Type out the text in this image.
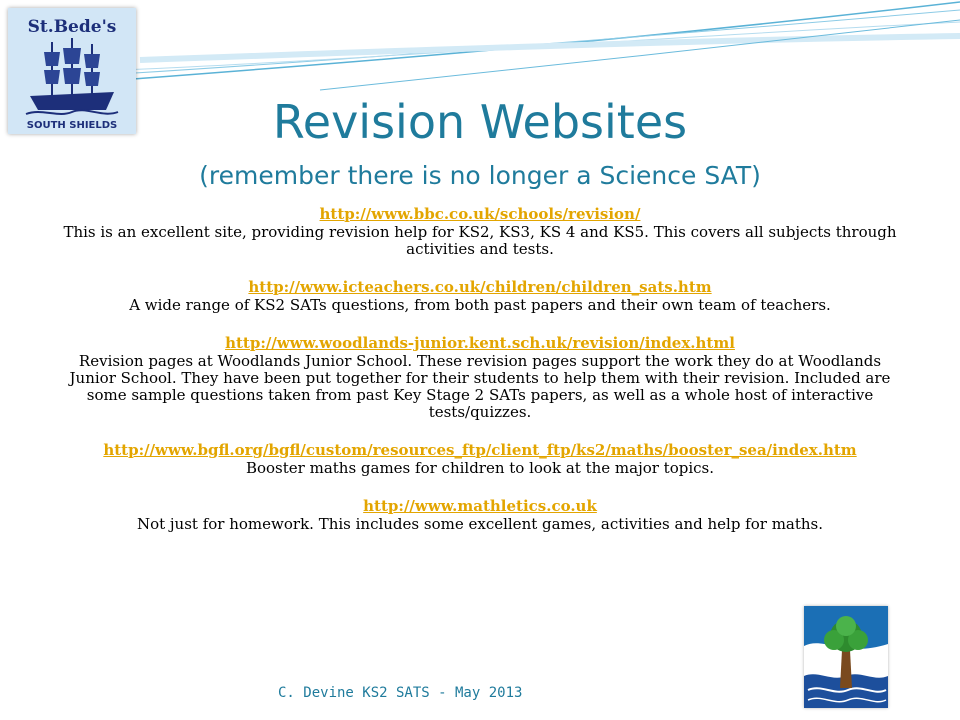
St.Bede's
SOUTH SHIELDS	Revision Websites
(remember there is no longer a Science SAT)
http://www.bbc.co.uk/schools/revision/
This is an excellent site, providing revision help for KS2, KS3, KS 4 and KS5. This covers all subjects through activities and tests.
http://www.icteachers.co.uk/children/children_sats.htm
A wide range of KS2 SATs questions, from both past papers and their own team of teachers.
http://www.woodlands-junior.kent.sch.uk/revision/index.html
Revision pages at Woodlands Junior School. These revision pages support the work they do at Woodlands Junior School. They have been put together for their students to help them with their revision. Included are some sample questions taken from past Key Stage 2 SATs papers, as well as a whole host of interactive tests/quizzes.
http://www.bgfl.org/bgfl/custom/resources_ftp/client_ftp/ks2/maths/booster_sea/index.htm
Booster maths games for children to look at the major topics.
http://www.mathletics.co.uk
Not just for homework. This includes some excellent games, activities and help for maths.
C. Devine KS2 SATS - May 2013
